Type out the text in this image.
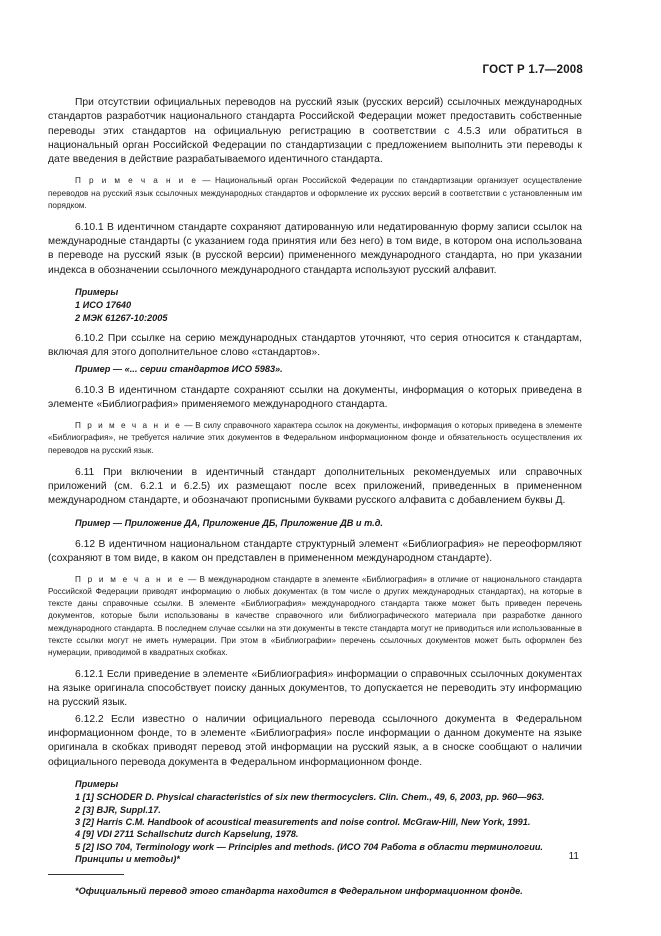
ГОСТ Р 1.7—2008

При отсутствии официальных переводов на русский язык (русских версий) ссылочных международных стандартов разработчик национального стандарта Российской Федерации может предоставить собственные переводы этих стандартов на официальную регистрацию в соответствии с 4.5.3 или обратиться в национальный орган Российской Федерации по стандартизации с предложением выполнить эти переводы к дате введения в действие разрабатываемого идентичного стандарта.

П р и м е ч а н и е — Национальный орган Российской Федерации по стандартизации организует осуществление переводов на русский язык ссылочных международных стандартов и оформление их русских версий в соответствии с установленным им порядком.

6.10.1 В идентичном стандарте сохраняют датированную или недатированную форму записи ссылок на международные стандарты (с указанием года принятия или без него) в том виде, в котором она использована в переводе на русский язык (в русской версии) примененного международного стандарта, но при указании индекса в обозначении ссылочного международного стандарта используют русский алфавит.

Примеры
1 ИСО 17640
2 МЭК 61267-10:2005

6.10.2 При ссылке на серию международных стандартов уточняют, что серия относится к стандартам, включая для этого дополнительное слово «стандартов».

Пример — «... серии стандартов ИСО 5983».

6.10.3 В идентичном стандарте сохраняют ссылки на документы, информация о которых приведена в элементе «Библиография» применяемого международного стандарта.

П р и м е ч а н и е — В силу справочного характера ссылок на документы, информация о которых приведена в элементе «Библиография», не требуется наличие этих документов в Федеральном информационном фонде и обязательность осуществления их переводов на русский язык.

6.11 При включении в идентичный стандарт дополнительных рекомендуемых или справочных приложений (см. 6.2.1 и 6.2.5) их размещают после всех приложений, приведенных в примененном международном стандарте, и обозначают прописными буквами русского алфавита с добавлением буквы Д.

Пример — Приложение ДА, Приложение ДБ, Приложение ДВ и т.д.

6.12 В идентичном национальном стандарте структурный элемент «Библиография» не переоформляют (сохраняют в том виде, в каком он представлен в примененном международном стандарте).

П р и м е ч а н и е — В международном стандарте в элементе «Библиография» в отличие от национального стандарта Российской Федерации приводят информацию о любых документах (в том числе о других международных стандартах), на которые в тексте даны справочные ссылки. В элементе «Библиография» международного стандарта также может быть приведен перечень документов, которые были использованы в качестве справочного или библиографического материала при разработке данного международного стандарта. В последнем случае ссылки на эти документы в тексте стандарта могут не приводиться или использованные в тексте ссылки могут не иметь нумерации. При этом в «Библиографии» перечень ссылочных документов может быть оформлен без нумерации, приводимой в квадратных скобках.

6.12.1 Если приведение в элементе «Библиография» информации о справочных ссылочных документах на языке оригинала способствует поиску данных документов, то допускается не переводить эту информацию на русский язык.

6.12.2 Если известно о наличии официального перевода ссылочного документа в Федеральном информационном фонде, то в элементе «Библиография» после информации о данном документе на языке оригинала в скобках приводят перевод этой информации на русский язык, а в сноске сообщают о наличии официального перевода документа в Федеральном информационном фонде.

Примеры
1 [1] SCHODER D. Physical characteristics of six new thermocyclers. Clin. Chem., 49, 6, 2003, pp. 960—963.
2 [3] BJR, Suppl.17.
3 [2] Harris C.M. Handbook of acoustical measurements and noise control. McGraw-Hill, New York, 1991.
4 [9] VDI 2711 Schallschutz durch Kapselung, 1978.
5 [2] ISO 704, Terminology work — Principles and methods. (ИСО 704 Работа в области терминологии. Принципы и методы)*
*Официальный перевод этого стандарта находится в Федеральном информационном фонде.
11
